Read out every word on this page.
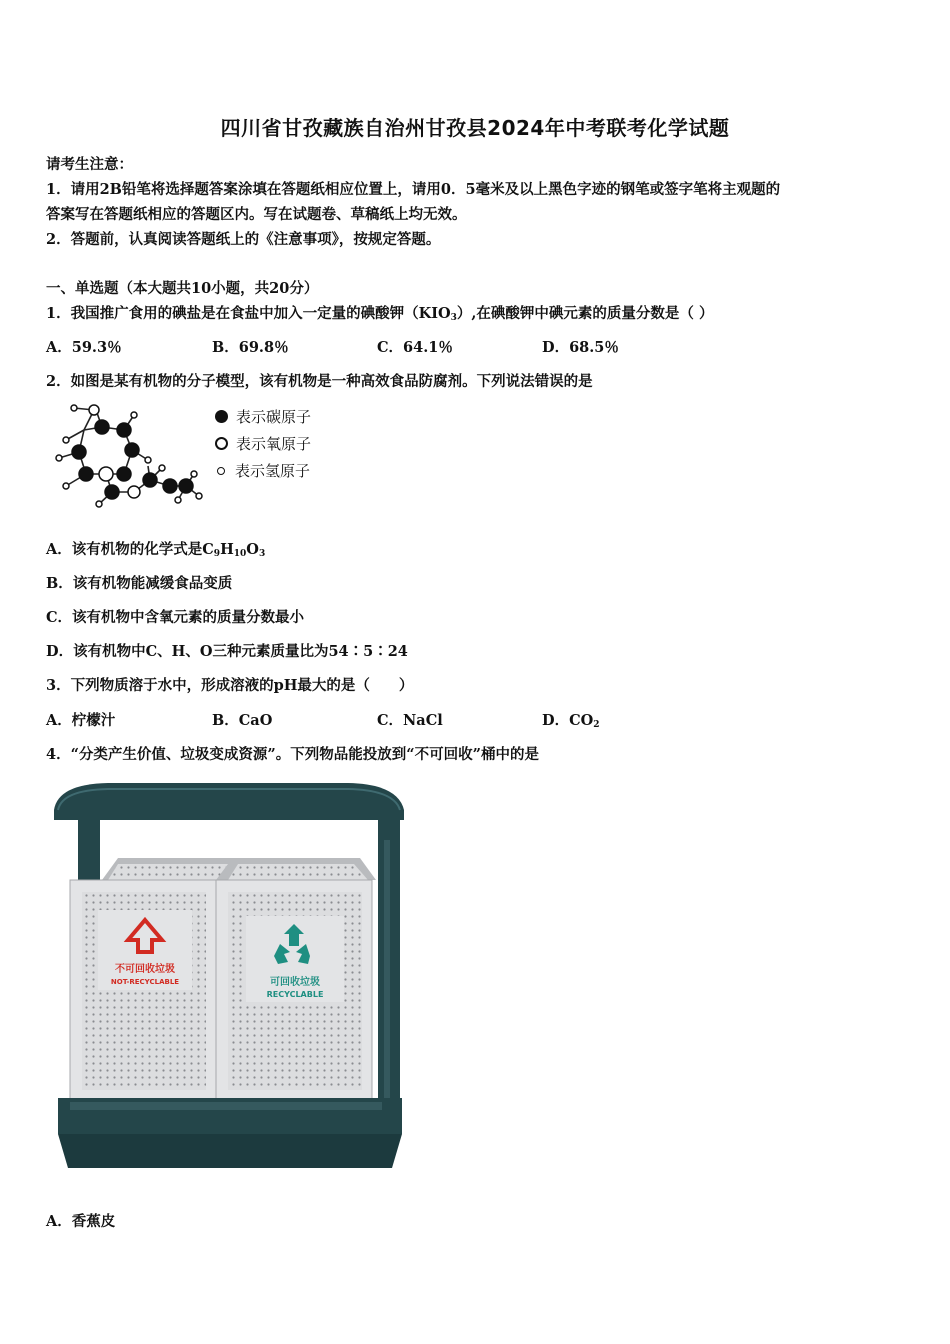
四川省甘孜藏族自治州甘孜县2024年中考联考化学试题
请考生注意：
1．请用2B铅笔将选择题答案涂填在答题纸相应位置上，请用0．5毫米及以上黑色字迹的钢笔或签字笔将主观题的
答案写在答题纸相应的答题区内。写在试题卷、草稿纸上均无效。
2．答题前，认真阅读答题纸上的《注意事项》，按规定答题。
一、单选题（本大题共10小题，共20分）
1．我国推广食用的碘盐是在食盐中加入一定量的碘酸钾$(KIO_3)$,在碘酸钾中碘元素的质量分数是（ ）
A．59.3％	B．69.8％	C．64.1％	D．68.5％
2．如图是某有机物的分子模型，该有机物是一种高效食品防腐剂。下列说法错误的是
表示碳原子
表示氧原子
表示氢原子
A．该有机物的化学式是$C_9H_{10}O_3$
B．该有机物能减缓食品变质
C．该有机物中含氧元素的质量分数最小
D．该有机物中C、H、O三种元素质量比为54∶5∶24
3．下列物质溶于水中，形成溶液的pH最大的是（　　）
A．柠檬汁	B．CaO	C．NaCl	D．$CO_2$
4．“分类产生价值、垃圾变成资源”。下列物品能投放到“不可回收”桶中的是
不可回收垃圾
NOT-RECYCLABLE	可回收垃圾
RECYCLABLE
A．香蕉皮
